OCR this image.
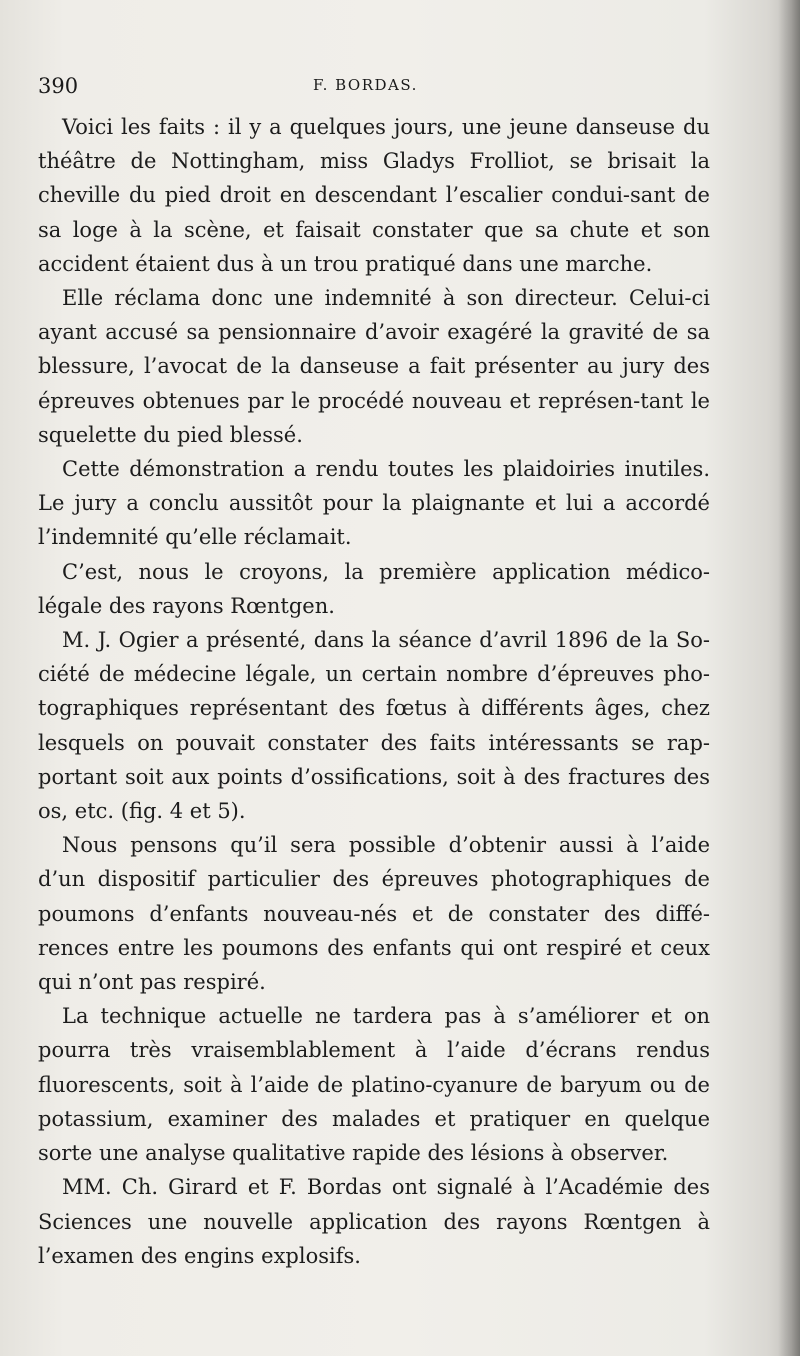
390	F. BORDAS.

Voici les faits : il y a quelques jours, une jeune danseuse du théâtre de Nottingham, miss Gladys Frolliot, se brisait la cheville du pied droit en descendant l’escalier condui-sant de sa loge à la scène, et faisait constater que sa chute et son accident étaient dus à un trou pratiqué dans une marche.

Elle réclama donc une indemnité à son directeur. Celui-ci ayant accusé sa pensionnaire d’avoir exagéré la gravité de sa blessure, l’avocat de la danseuse a fait présenter au jury des épreuves obtenues par le procédé nouveau et représen-tant le squelette du pied blessé.

Cette démonstration a rendu toutes les plaidoiries inutiles. Le jury a conclu aussitôt pour la plaignante et lui a accordé l’indemnité qu’elle réclamait.

C’est, nous le croyons, la première application médico-légale des rayons Rœntgen.

M. J. Ogier a présenté, dans la séance d’avril 1896 de la So-ciété de médecine légale, un certain nombre d’épreuves pho-tographiques représentant des fœtus à différents âges, chez lesquels on pouvait constater des faits intéressants se rap-portant soit aux points d’ossifications, soit à des fractures des os, etc. (fig. 4 et 5).

Nous pensons qu’il sera possible d’obtenir aussi à l’aide d’un dispositif particulier des épreuves photographiques de poumons d’enfants nouveau-nés et de constater des diffé-rences entre les poumons des enfants qui ont respiré et ceux qui n’ont pas respiré.

La technique actuelle ne tardera pas à s’améliorer et on pourra très vraisemblablement à l’aide d’écrans rendus fluorescents, soit à l’aide de platino-cyanure de baryum ou de potassium, examiner des malades et pratiquer en quelque sorte une analyse qualitative rapide des lésions à observer.

MM. Ch. Girard et F. Bordas ont signalé à l’Académie des Sciences une nouvelle application des rayons Rœntgen à l’examen des engins explosifs.
